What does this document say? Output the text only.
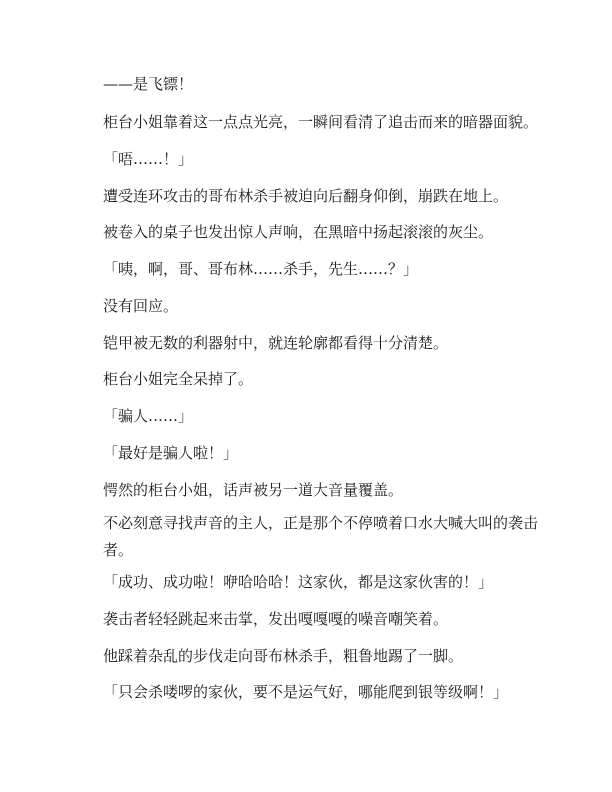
——是飞镖！

柜台小姐靠着这一点点光亮，一瞬间看清了追击而来的暗器面貌。

「唔……！」

遭受连环攻击的哥布林杀手被迫向后翻身仰倒，崩跌在地上。

被卷入的桌子也发出惊人声响，在黑暗中扬起滚滚的灰尘。

「咦，啊，哥、哥布林……杀手，先生……？」

没有回应。

铠甲被无数的利器射中，就连轮廓都看得十分清楚。

柜台小姐完全呆掉了。

「骗人……」

「最好是骗人啦！」

愕然的柜台小姐，话声被另一道大音量覆盖。

不必刻意寻找声音的主人，正是那个不停喷着口水大喊大叫的袭击者。

「成功、成功啦！咿哈哈哈！这家伙，都是这家伙害的！」

袭击者轻轻跳起来击掌，发出嘎嘎嘎的噪音嘲笑着。

他踩着杂乱的步伐走向哥布林杀手，粗鲁地踢了一脚。

「只会杀喽啰的家伙，要不是运气好，哪能爬到银等级啊！」
